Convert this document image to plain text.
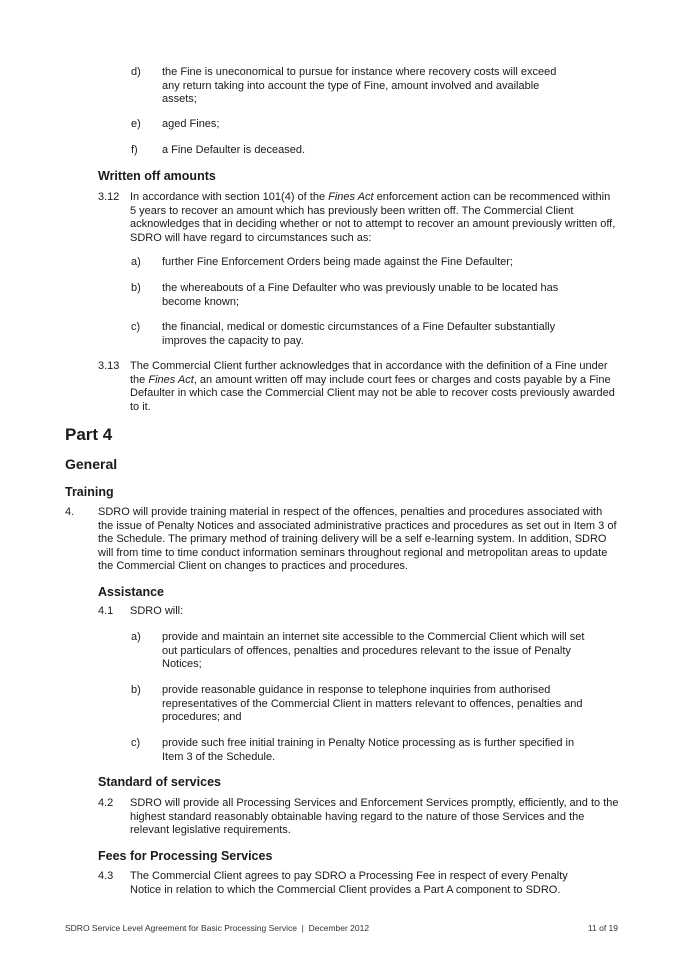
d) the Fine is uneconomical to pursue for instance where recovery costs will exceed any return taking into account the type of Fine, amount involved and available assets;
e) aged Fines;
f) a Fine Defaulter is deceased.
Written off amounts
3.12 In accordance with section 101(4) of the Fines Act enforcement action can be recommenced within 5 years to recover an amount which has previously been written off. The Commercial Client acknowledges that in deciding whether or not to attempt to recover an amount previously written off, SDRO will have regard to circumstances such as:
a) further Fine Enforcement Orders being made against the Fine Defaulter;
b) the whereabouts of a Fine Defaulter who was previously unable to be located has become known;
c) the financial, medical or domestic circumstances of a Fine Defaulter substantially improves the capacity to pay.
3.13 The Commercial Client further acknowledges that in accordance with the definition of a Fine under the Fines Act, an amount written off may include court fees or charges and costs payable by a Fine Defaulter in which case the Commercial Client may not be able to recover costs previously awarded to it.
Part 4
General
Training
4. SDRO will provide training material in respect of the offences, penalties and procedures associated with the issue of Penalty Notices and associated administrative practices and procedures as set out in Item 3 of the Schedule. The primary method of training delivery will be a self e-learning system. In addition, SDRO will from time to time conduct information seminars throughout regional and metropolitan areas to update the Commercial Client on changes to practices and procedures.
Assistance
4.1 SDRO will:
a) provide and maintain an internet site accessible to the Commercial Client which will set out particulars of offences, penalties and procedures relevant to the issue of Penalty Notices;
b) provide reasonable guidance in response to telephone inquiries from authorised representatives of the Commercial Client in matters relevant to offences, penalties and procedures; and
c) provide such free initial training in Penalty Notice processing as is further specified in Item 3 of the Schedule.
Standard of services
4.2 SDRO will provide all Processing Services and Enforcement Services promptly, efficiently, and to the highest standard reasonably obtainable having regard to the nature of those Services and the relevant legislative requirements.
Fees for Processing Services
4.3 The Commercial Client agrees to pay SDRO a Processing Fee in respect of every Penalty Notice in relation to which the Commercial Client provides a Part A component to SDRO.
SDRO Service Level Agreement for Basic Processing Service  |  December 2012	11 of 19
